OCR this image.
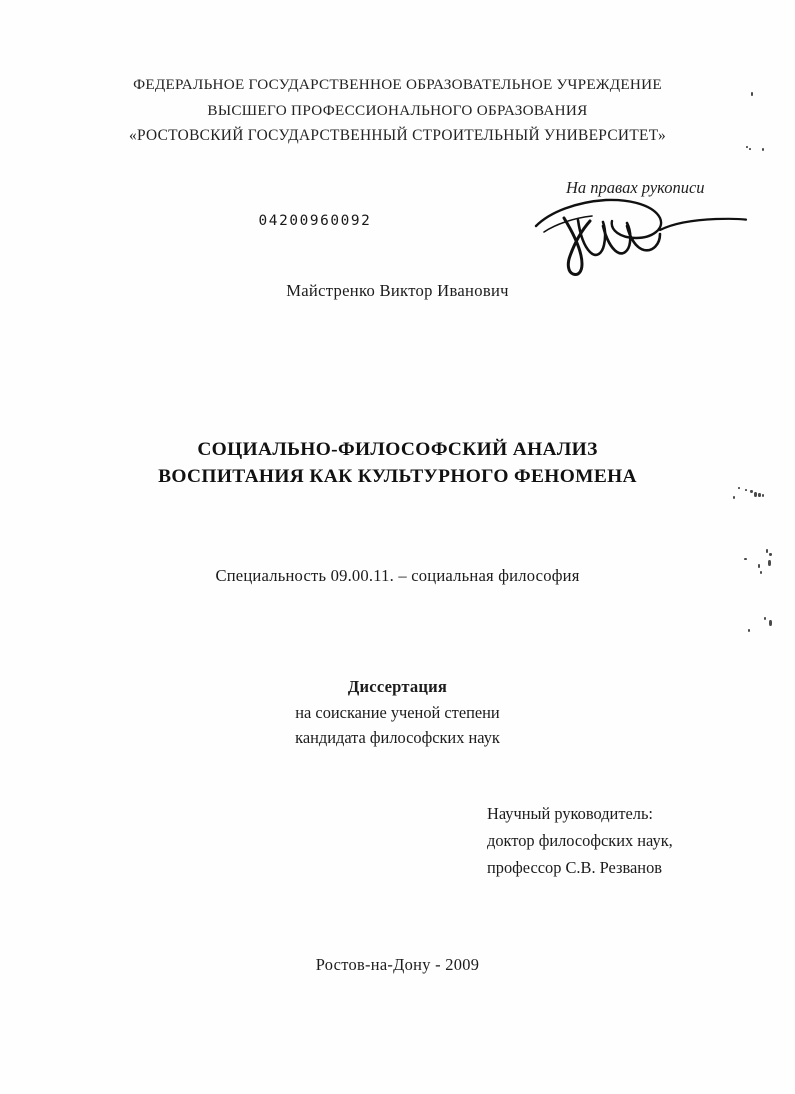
ФЕДЕРАЛЬНОЕ ГОСУДАРСТВЕННОЕ ОБРАЗОВАТЕЛЬНОЕ УЧРЕЖДЕНИЕ
ВЫСШЕГО ПРОФЕССИОНАЛЬНОГО ОБРАЗОВАНИЯ
«РОСТОВСКИЙ ГОСУДАРСТВЕННЫЙ СТРОИТЕЛЬНЫЙ УНИВЕРСИТЕТ»
На правах рукописи
04200960092
Майстренко Виктор Иванович
СОЦИАЛЬНО-ФИЛОСОФСКИЙ АНАЛИЗ
ВОСПИТАНИЯ КАК КУЛЬТУРНОГО ФЕНОМЕНА
Специальность 09.00.11. – социальная философия
Диссертация
на соискание ученой степени
кандидата философских наук
Научный руководитель:
доктор философских наук,
профессор С.В. Резванов
Ростов-на-Дону - 2009
